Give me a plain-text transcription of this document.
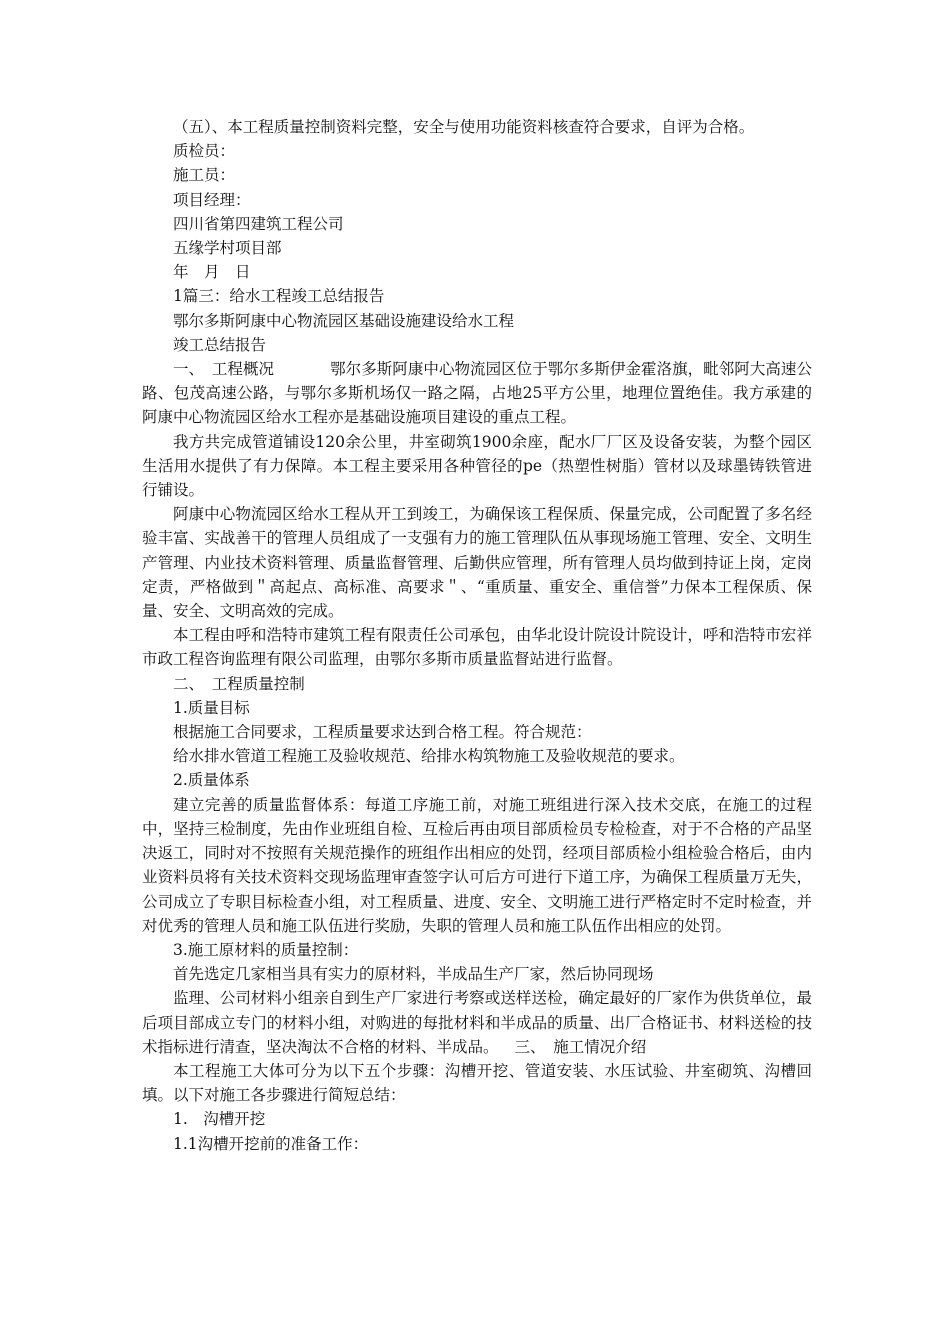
（五）、本工程质量控制资料完整，安全与使用功能资料核查符合要求，自评为合格。

质检员：

施工员：

项目经理：

四川省第四建筑工程公司

五缘学村项目部

年　月　日

1篇三：给水工程竣工总结报告

鄂尔多斯阿康中心物流园区基础设施建设给水工程

竣工总结报告

一、　工程概况	鄂尔多斯阿康中心物流园区位于鄂尔多斯伊金霍洛旗，毗邻阿大高速公路、包茂高速公路，与鄂尔多斯机场仅一路之隔，占地25平方公里，地理位置绝佳。我方承建的阿康中心物流园区给水工程亦是基础设施项目建设的重点工程。

我方共完成管道铺设120余公里，井室砌筑1900余座，配水厂厂区及设备安装，为整个园区生活用水提供了有力保障。本工程主要采用各种管径的pe（热塑性树脂）管材以及球墨铸铁管进行铺设。

阿康中心物流园区给水工程从开工到竣工，为确保该工程保质、保量完成，公司配置了多名经验丰富、实战善干的管理人员组成了一支强有力的施工管理队伍从事现场施工管理、安全、文明生产管理、内业技术资料管理、质量监督管理、后勤供应管理，所有管理人员均做到持证上岗，定岗定责，严格做到＂高起点、高标准、高要求＂、“重质量、重安全、重信誉”力保本工程保质、保量、安全、文明高效的完成。

本工程由呼和浩特市建筑工程有限责任公司承包，由华北设计院设计院设计，呼和浩特市宏祥市政工程咨询监理有限公司监理，由鄂尔多斯市质量监督站进行监督。

二、　工程质量控制

1.质量目标

根据施工合同要求，工程质量要求达到合格工程。符合规范：

给水排水管道工程施工及验收规范、给排水构筑物施工及验收规范的要求。

2.质量体系

建立完善的质量监督体系：每道工序施工前，对施工班组进行深入技术交底，在施工的过程中，坚持三检制度，先由作业班组自检、互检后再由项目部质检员专检检查，对于不合格的产品坚决返工，同时对不按照有关规范操作的班组作出相应的处罚，经项目部质检小组检验合格后，由内业资料员将有关技术资料交现场监理审查签字认可后方可进行下道工序，为确保工程质量万无失，公司成立了专职目标检查小组，对工程质量、进度、安全、文明施工进行严格定时不定时检查，并对优秀的管理人员和施工队伍进行奖励，失职的管理人员和施工队伍作出相应的处罚。

3.施工原材料的质量控制：

首先选定几家相当具有实力的原材料，半成品生产厂家，然后协同现场

监理、公司材料小组亲自到生产厂家进行考察或送样送检，确定最好的厂家作为供货单位，最后项目部成立专门的材料小组，对购进的每批材料和半成品的质量、出厂合格证书、材料送检的技术指标进行清查，坚决淘汰不合格的材料、半成品。 三、　施工情况介绍

本工程施工大体可分为以下五个步骤：沟槽开挖、管道安装、水压试验、井室砌筑、沟槽回填。以下对施工各步骤进行简短总结：

1.　沟槽开挖

1.1沟槽开挖前的准备工作：
